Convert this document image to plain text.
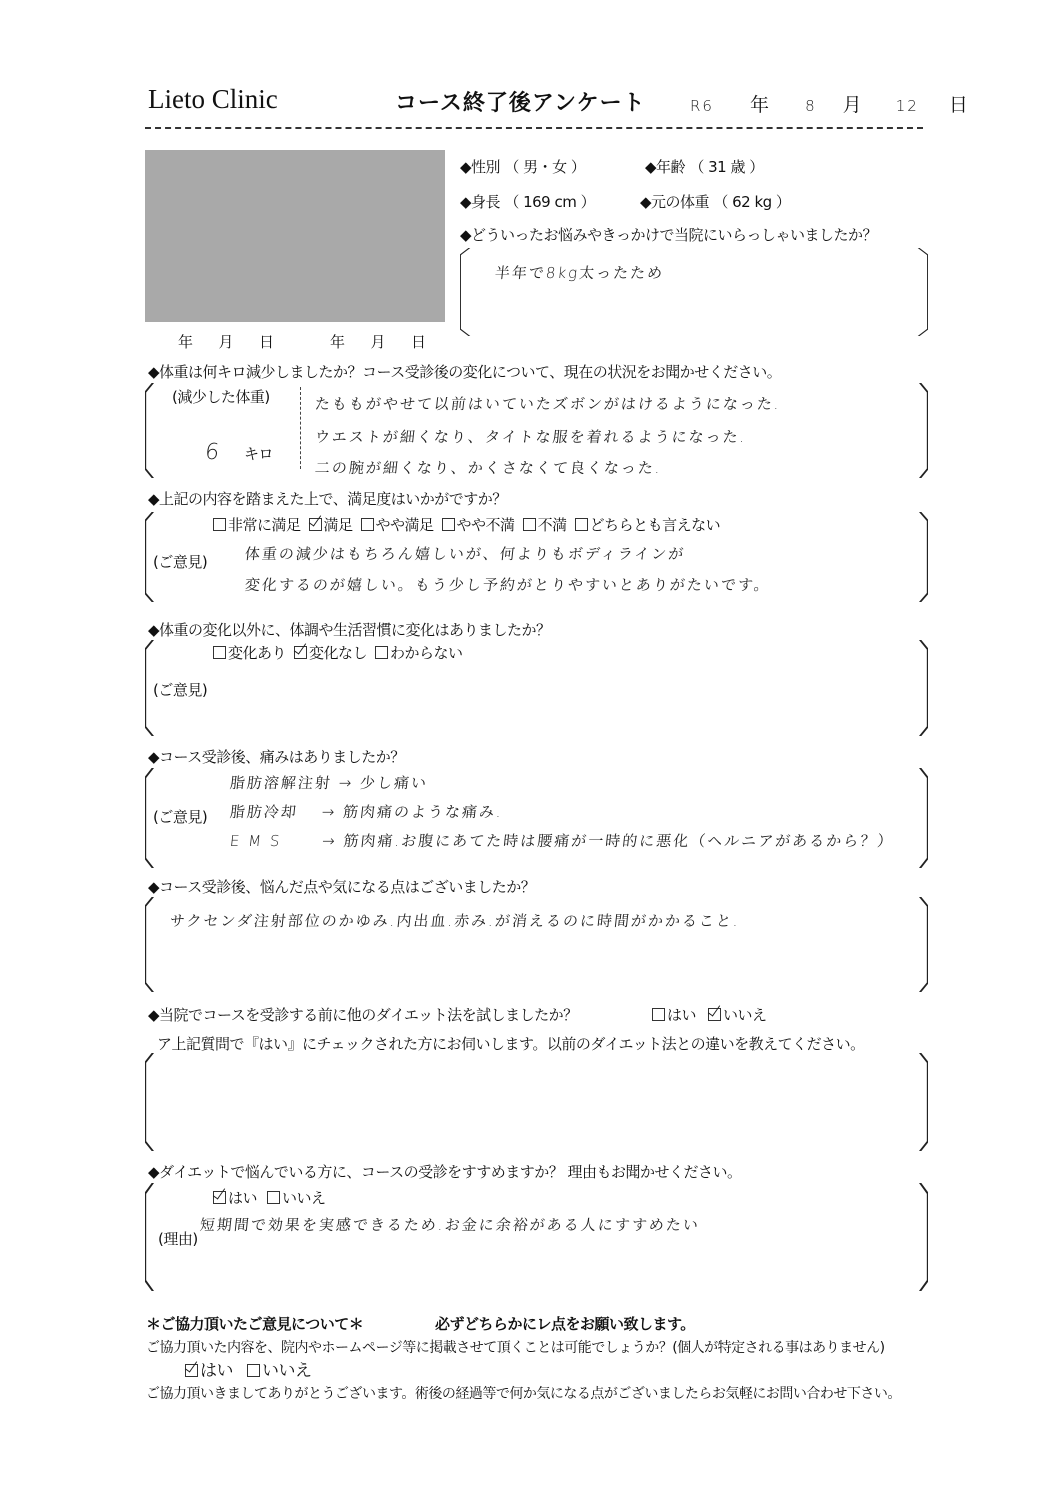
Lieto Clinic	コース終了後アンケート	R6 年 8 月 12 日
年 月 日	年 月 日
◆性別 （ 男・女 ）	◆年齢 （ 31 歳 ）
◆身長 （ 169 cm ）	◆元の体重 （ 62 kg ）
◆どういったお悩みやきっかけで当院にいらっしゃいましたか？
半年で8kg太ったため
◆体重は何キロ減少しましたか？コース受診後の変化について、現在の状況をお聞かせください。
(減少した体重)
6 キロ
たももがやせて以前はいていたズボンがはけるようになった.
ウエストが細くなり、タイトな服を着れるようになった.
二の腕が細くなり、かくさなくて良くなった.
◆上記の内容を踏まえた上で、満足度はいかがですか？
非常に満足 満足 やや満足 やや不満 不満 どちらとも言えない
(ご意見) 体重の減少はもちろん嬉しいが、何よりもボディラインが
変化するのが嬉しい。もう少し予約がとりやすいとありがたいです。
◆体重の変化以外に、体調や生活習慣に変化はありましたか？
変化あり 変化なし わからない
(ご意見)
◆コース受診後、痛みはありましたか？
(ご意見)
脂肪溶解注射 → 少し痛い
脂肪冷却　 → 筋肉痛のような痛み.
E M S　　 → 筋肉痛.お腹にあてた時は腰痛が一時的に悪化（ヘルニアがあるから？）
◆コース受診後、悩んだ点や気になる点はございましたか？
サクセンダ注射部位のかゆみ.内出血.赤み.が消えるのに時間がかかること.
◆当院でコースを受診する前に他のダイエット法を試しましたか？	はい いいえ
ア上記質問で『はい』にチェックされた方にお伺いします。以前のダイエット法との違いを教えてください。
◆ダイエットで悩んでいる方に、コースの受診をすすめますか？ 理由もお聞かせください。
はい いいえ
(理由)
短期間で効果を実感できるため.お金に余裕がある人にすすめたい
＊ご協力頂いたご意見について＊	必ずどちらかにレ点をお願い致します。
ご協力頂いた内容を、院内やホームページ等に掲載させて頂くことは可能でしょうか？(個人が特定される事はありません)
はい いいえ
ご協力頂いきましてありがとうございます。術後の経過等で何か気になる点がございましたらお気軽にお問い合わせ下さい。
